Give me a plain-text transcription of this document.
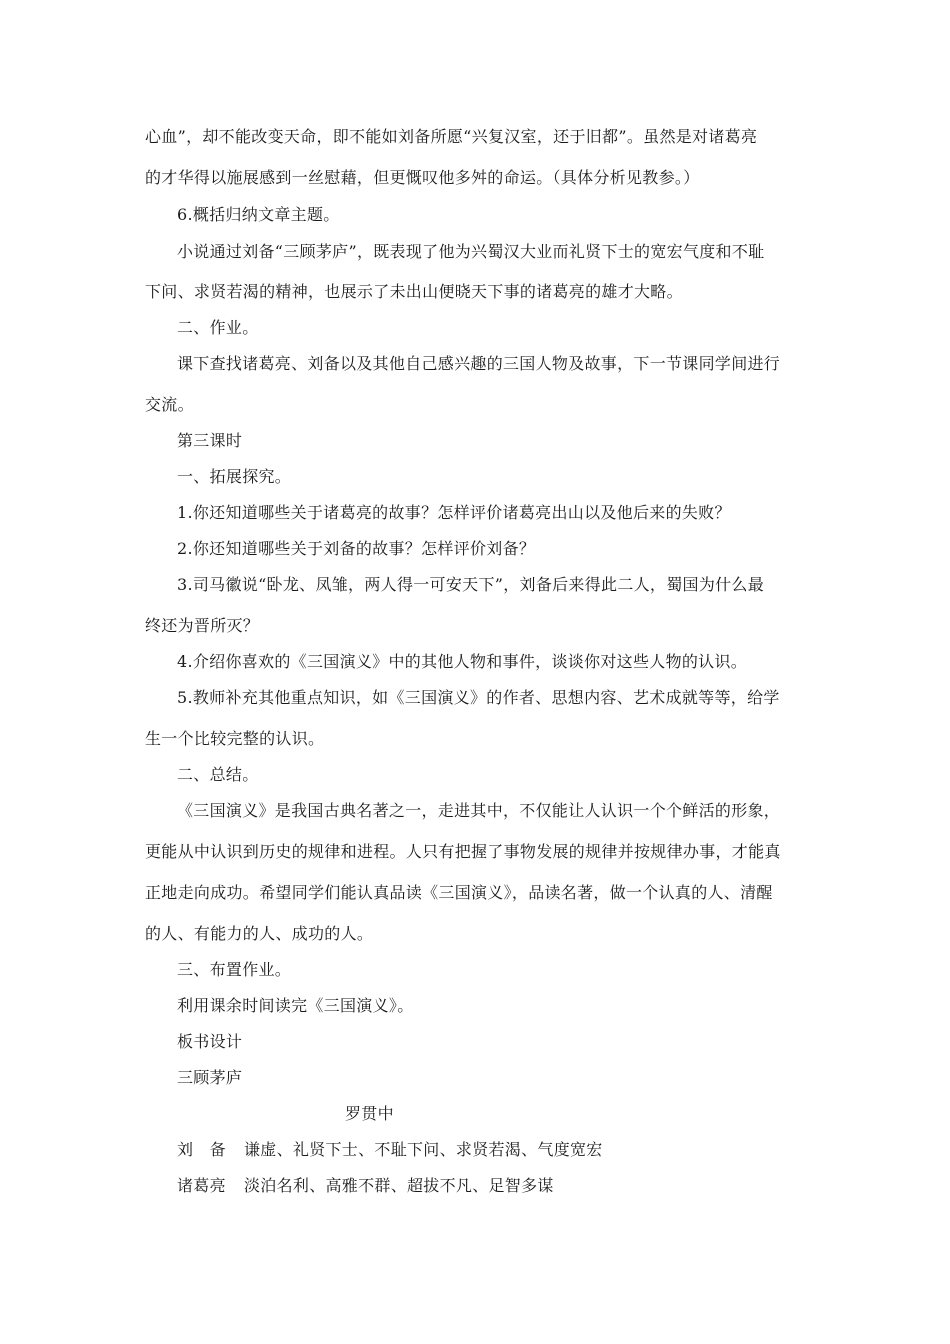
心血”，却不能改变天命，即不能如刘备所愿“兴复汉室，还于旧都”。虽然是对诸葛亮
的才华得以施展感到一丝慰藉，但更慨叹他多舛的命运。（具体分析见教参。）
6.概括归纳文章主题。
小说通过刘备“三顾茅庐”，既表现了他为兴蜀汉大业而礼贤下士的宽宏气度和不耻
下问、求贤若渴的精神，也展示了未出山便晓天下事的诸葛亮的雄才大略。
二、作业。
课下查找诸葛亮、刘备以及其他自己感兴趣的三国人物及故事，下一节课同学间进行
交流。
第三课时
一、拓展探究。
1.你还知道哪些关于诸葛亮的故事？怎样评价诸葛亮出山以及他后来的失败？
2.你还知道哪些关于刘备的故事？怎样评价刘备？
3.司马徽说“卧龙、凤雏，两人得一可安天下”，刘备后来得此二人，蜀国为什么最
终还为晋所灭？
4.介绍你喜欢的《三国演义》中的其他人物和事件，谈谈你对这些人物的认识。
5.教师补充其他重点知识，如《三国演义》的作者、思想内容、艺术成就等等，给学
生一个比较完整的认识。
二、总结。
《三国演义》是我国古典名著之一，走进其中，不仅能让人认识一个个鲜活的形象，
更能从中认识到历史的规律和进程。人只有把握了事物发展的规律并按规律办事，才能真
正地走向成功。希望同学们能认真品读《三国演义》，品读名著，做一个认真的人、清醒
的人、有能力的人、成功的人。
三、布置作业。
利用课余时间读完《三国演义》。
板书设计
三顾茅庐
罗贯中
刘　备 谦虚、礼贤下士、不耻下问、求贤若渴、气度宽宏
诸葛亮 淡泊名利、高雅不群、超拔不凡、足智多谋
